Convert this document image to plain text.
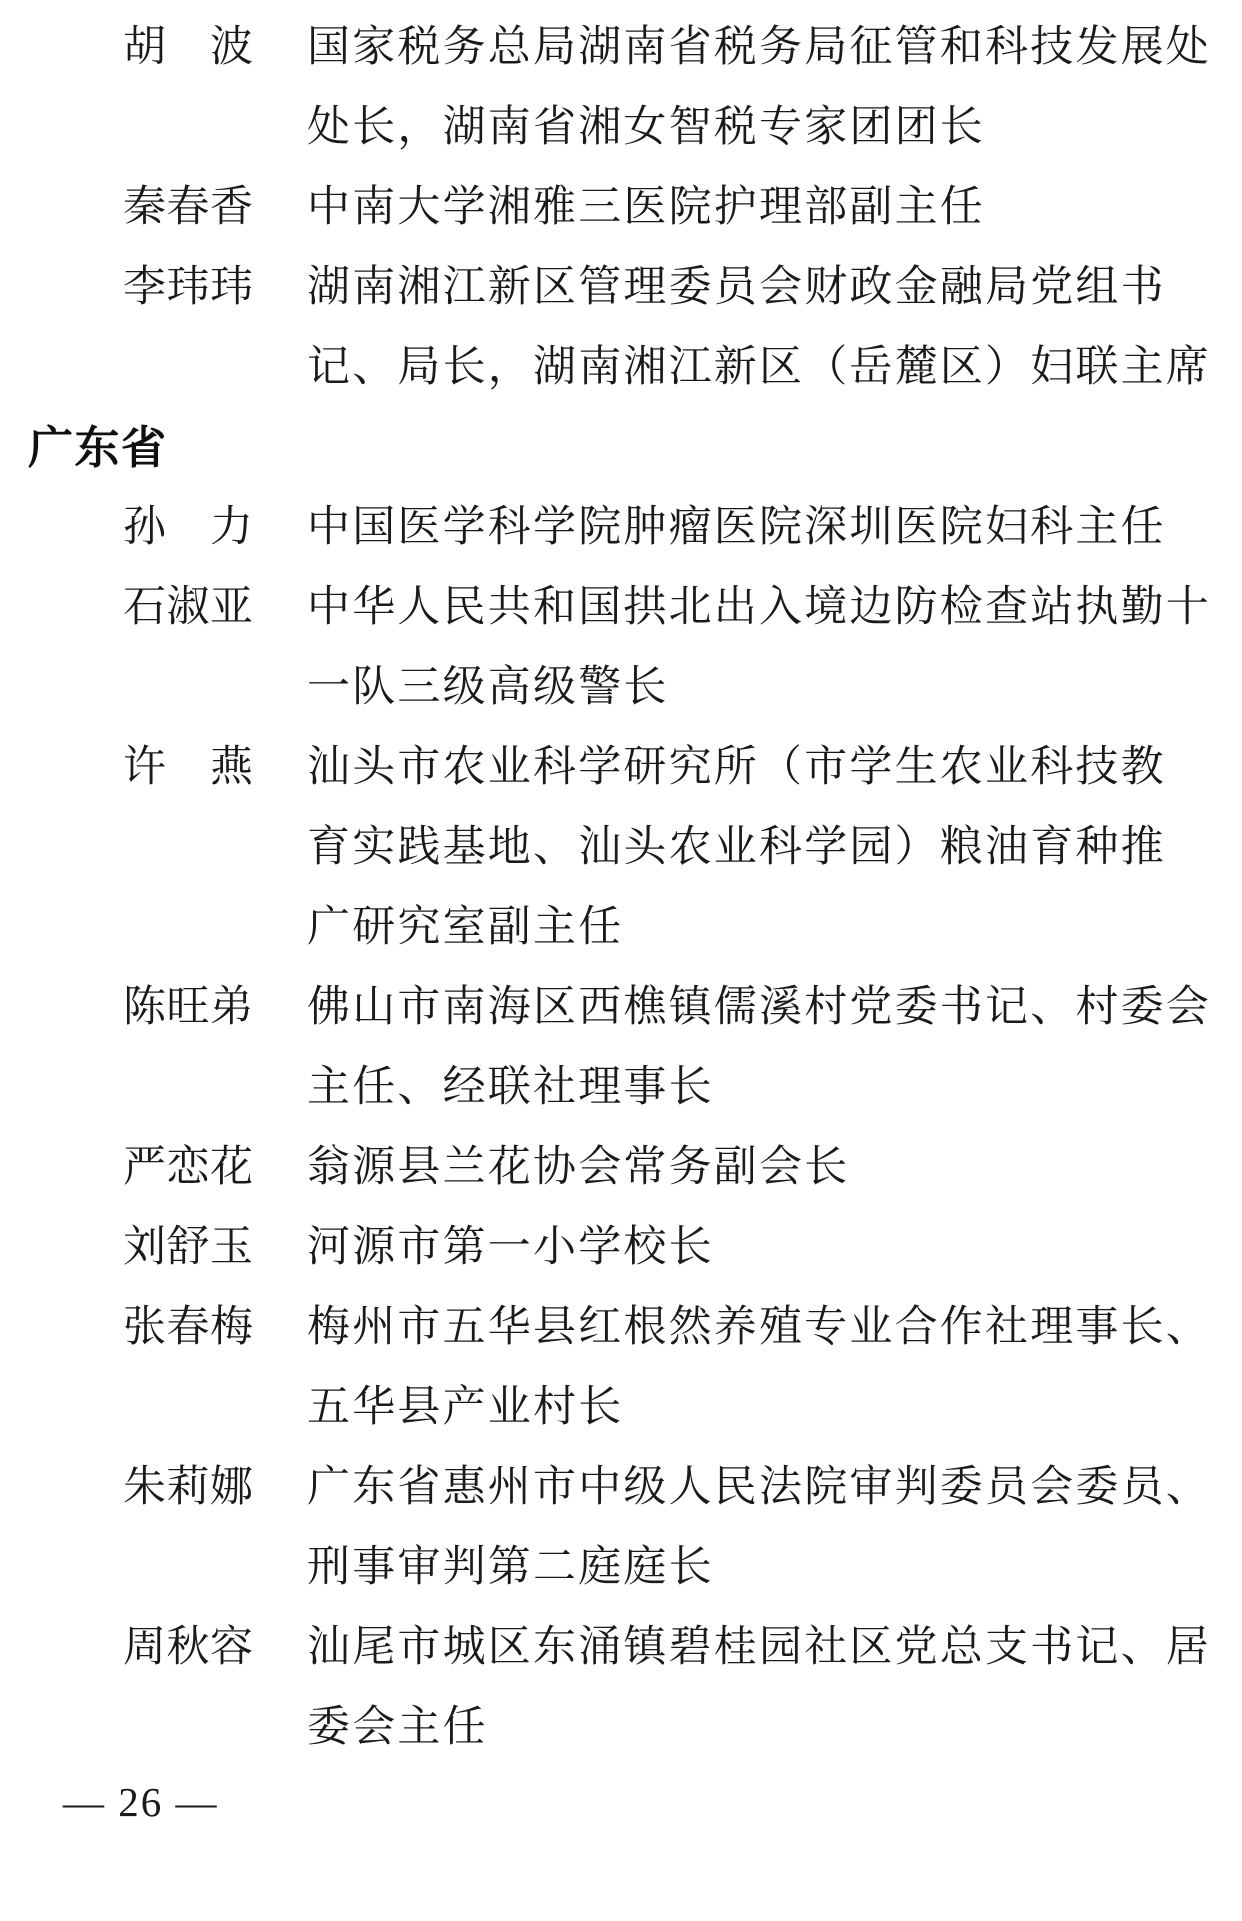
胡　波	国家税务总局湖南省税务局征管和科技发展处
处长，湖南省湘女智税专家团团长
秦春香	中南大学湘雅三医院护理部副主任
李玮玮	湖南湘江新区管理委员会财政金融局党组书
记、局长，湖南湘江新区（岳麓区）妇联主席
广东省
孙　力	中国医学科学院肿瘤医院深圳医院妇科主任
石淑亚	中华人民共和国拱北出入境边防检查站执勤十
一队三级高级警长
许　燕	汕头市农业科学研究所（市学生农业科技教
育实践基地、汕头农业科学园）粮油育种推
广研究室副主任
陈旺弟	佛山市南海区西樵镇儒溪村党委书记、村委会
主任、经联社理事长
严恋花	翁源县兰花协会常务副会长
刘舒玉	河源市第一小学校长
张春梅	梅州市五华县红根然养殖专业合作社理事长、
五华县产业村长
朱莉娜	广东省惠州市中级人民法院审判委员会委员、
刑事审判第二庭庭长
周秋容	汕尾市城区东涌镇碧桂园社区党总支书记、居
委会主任
— 26 —
